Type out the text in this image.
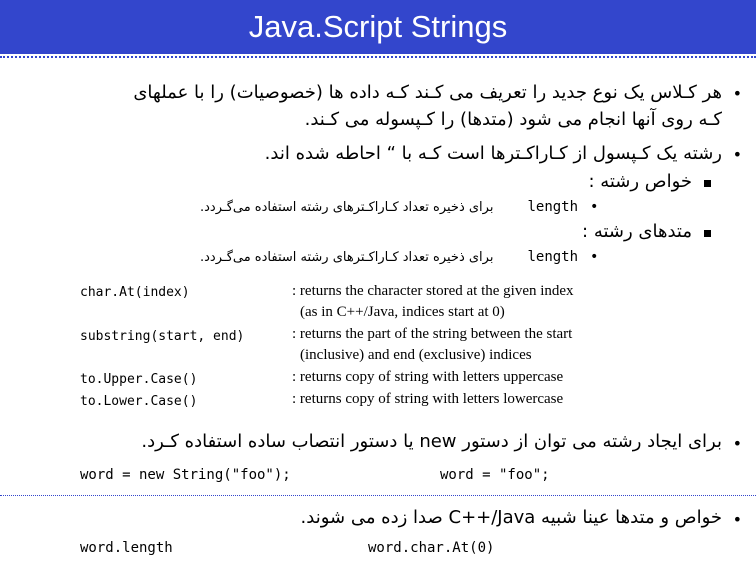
Java.Script Strings
•
هر کـلاس یک نوع جدید را تعریف می کـند کـه داده ها (خصوصیات) را با عملهای
کـه روی آنها انجام می شود (متدها) را کـپسوله می کـند.
•
رشته یک کـپسول از کـاراکـترها است کـه با “ احاطه شده اند.
خواص رشته :
برای ذخیره تعداد کـاراکـترهای رشته استفاده می‌گـردد. length •
متدهای رشته :
برای ذخیره تعداد کـاراکـترهای رشته استفاده می‌گـردد. length •
char.At(index)	: returns the character stored at the given index
(as in C++/Java, indices start at 0)
substring(start, end)	: returns the part of the string between the start
(inclusive) and end (exclusive) indices
to.Upper.Case()	: returns copy of string with letters uppercase
to.Lower.Case()	: returns copy of string with letters lowercase
•
برای ایجاد رشته می توان از دستور new یا دستور انتصاب ساده استفاده کـرد.
word = new String("foo");	word = "foo";
•
خواص و متدها عینا شبیه C++/Java صدا زده می شوند.
word.length	word.char.At(0)
